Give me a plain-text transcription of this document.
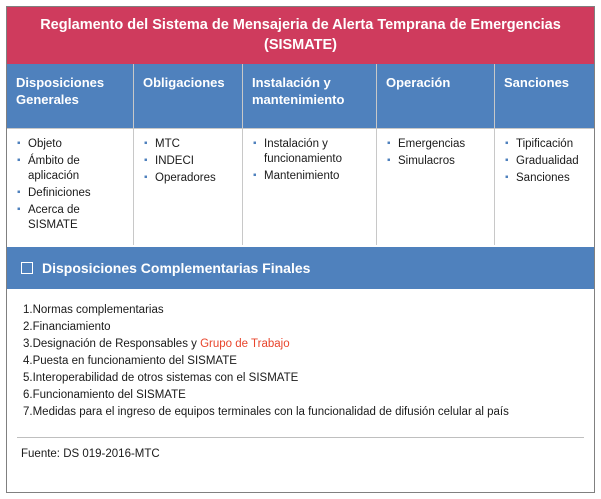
Reglamento del Sistema de Mensajeria de Alerta Temprana de Emergencias (SISMATE)
Disposiciones Generales
▪ Objeto
▪ Ámbito de aplicación
▪ Definiciones
▪ Acerca de SISMATE
Obligaciones
▪ MTC
▪ INDECI
▪ Operadores
Instalación y mantenimiento
▪ Instalación y funcionamiento
▪ Mantenimiento
Operación
▪ Emergencias
▪ Simulacros
Sanciones
▪ Tipificación
▪ Gradualidad
▪ Sanciones
Disposiciones Complementarias Finales
1.Normas complementarias
2.Financiamiento
3.Designación de Responsables y Grupo de Trabajo
4.Puesta en funcionamiento del SISMATE
5.Interoperabilidad de otros sistemas con el SISMATE
6.Funcionamiento del SISMATE
7.Medidas para el ingreso de equipos terminales con la funcionalidad de difusión celular al país
Fuente: DS 019-2016-MTC
